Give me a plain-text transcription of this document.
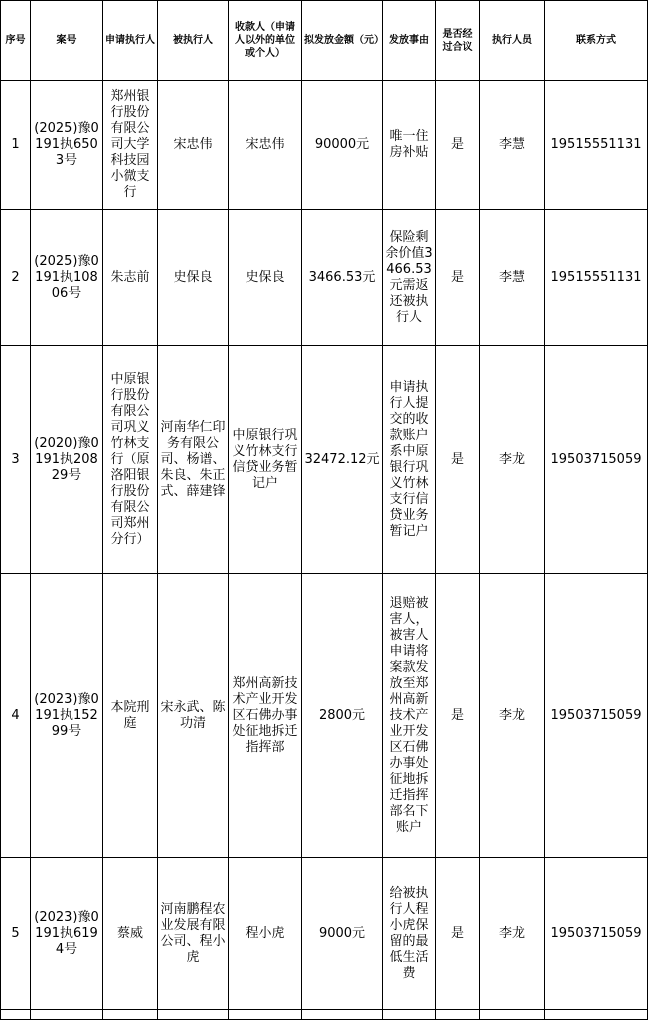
序号	案号	申请执行人	被执行人	收款人（申请人以外的单位或个人）	拟发放金额（元）	发放事由	是否经过合议	执行人员	联系方式
1	(2025)豫0191执6503号	郑州银行股份有限公司大学科技园小微支行	宋忠伟	宋忠伟	90000元	唯一住房补贴	是	李慧	19515551131
2	(2025)豫0191执10806号	朱志前	史保良	史保良	3466.53元	保险剩余价值3466.53元需返还被执行人	是	李慧	19515551131
3	(2020)豫0191执20829号	中原银行股份有限公司巩义竹林支行（原洛阳银行股份有限公司郑州分行）	河南华仁印务有限公司、杨谱、朱良、朱正式、薛建锋	中原银行巩义竹林支行信贷业务暂记户	32472.12元	申请执行人提交的收款账户系中原银行巩义竹林支行信贷业务暂记户	是	李龙	19503715059
4	(2023)豫0191执15299号	本院刑庭	宋永武、陈功清	郑州高新技术产业开发区石佛办事处征地拆迁指挥部	2800元	退赔被害人，被害人申请将案款发放至郑州高新技术产业开发区石佛办事处征地拆迁指挥部名下账户	是	李龙	19503715059
5	(2023)豫0191执6194号	蔡威	河南鹏程农业发展有限公司、程小虎	程小虎	9000元	给被执行人程小虎保留的最低生活费	是	李龙	19503715059
